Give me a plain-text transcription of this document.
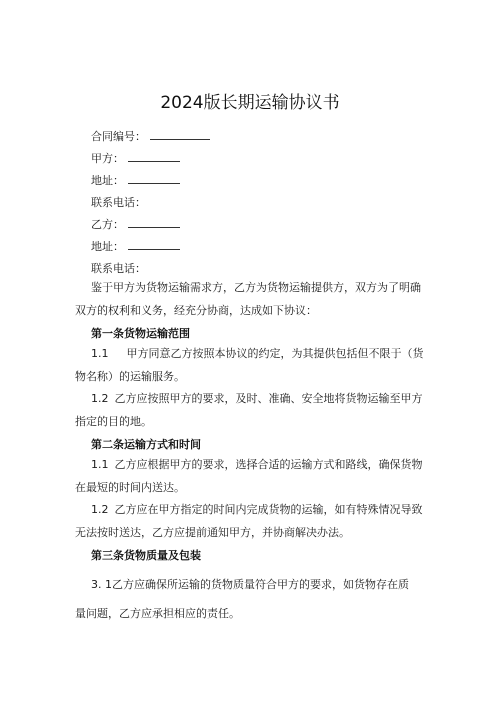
2024版长期运输协议书
合同编号：
甲方：
地址：
联系电话：
乙方：
地址：
联系电话：
鉴于甲方为货物运输需求方，乙方为货物运输提供方，双方为了明确
双方的权利和义务，经充分协商，达成如下协议：
第一条货物运输范围
1.1 甲方同意乙方按照本协议的约定，为其提供包括但不限于（货
物名称）的运输服务。
1.2 乙方应按照甲方的要求，及时、准确、安全地将货物运输至甲方
指定的目的地。
第二条运输方式和时间
1.1 乙方应根据甲方的要求，选择合适的运输方式和路线，确保货物
在最短的时间内送达。
1.2 乙方应在甲方指定的时间内完成货物的运输，如有特殊情况导致
无法按时送达，乙方应提前通知甲方，并协商解决办法。
第三条货物质量及包装
3. 1乙方应确保所运输的货物质量符合甲方的要求，如货物存在质
量问题，乙方应承担相应的责任。
